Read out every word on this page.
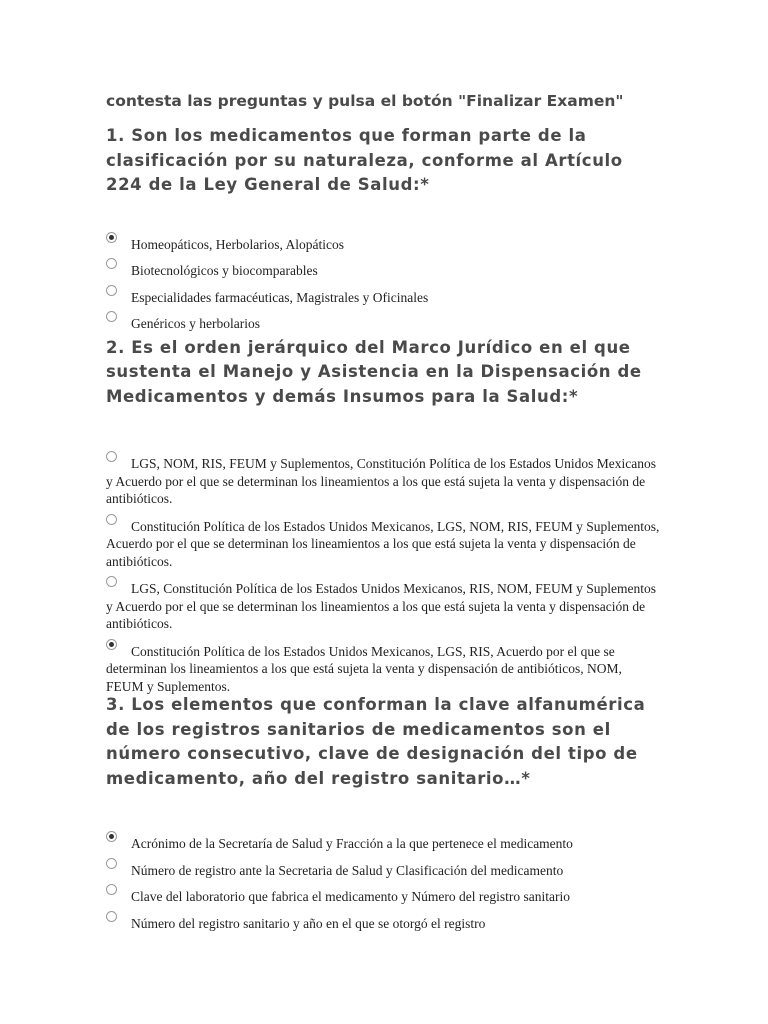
contesta las preguntas y pulsa el botón "Finalizar Examen"

1. Son los medicamentos que forman parte de la clasificación por su naturaleza, conforme al Artículo 224 de la Ley General de Salud:*

Homeopáticos, Herbolarios, Alopáticos
Biotecnológicos y biocomparables
Especialidades farmacéuticas, Magistrales y Oficinales
Genéricos y herbolarios

2. Es el orden jerárquico del Marco Jurídico en el que sustenta el Manejo y Asistencia en la Dispensación de Medicamentos y demás Insumos para la Salud:*

LGS, NOM, RIS, FEUM y Suplementos, Constitución Política de los Estados Unidos Mexicanos y Acuerdo por el que se determinan los lineamientos a los que está sujeta la venta y dispensación de antibióticos.
Constitución Política de los Estados Unidos Mexicanos, LGS, NOM, RIS, FEUM y Suplementos, Acuerdo por el que se determinan los lineamientos a los que está sujeta la venta y dispensación de antibióticos.
LGS, Constitución Política de los Estados Unidos Mexicanos, RIS, NOM, FEUM y Suplementos y Acuerdo por el que se determinan los lineamientos a los que está sujeta la venta y dispensación de antibióticos.
Constitución Política de los Estados Unidos Mexicanos, LGS, RIS, Acuerdo por el que se determinan los lineamientos a los que está sujeta la venta y dispensación de antibióticos, NOM, FEUM y Suplementos.

3. Los elementos que conforman la clave alfanumérica de los registros sanitarios de medicamentos son el número consecutivo, clave de designación del tipo de medicamento, año del registro sanitario…*

Acrónimo de la Secretaría de Salud y Fracción a la que pertenece el medicamento
Número de registro ante la Secretaria de Salud y Clasificación del medicamento
Clave del laboratorio que fabrica el medicamento y Número del registro sanitario
Número del registro sanitario y año en el que se otorgó el registro
